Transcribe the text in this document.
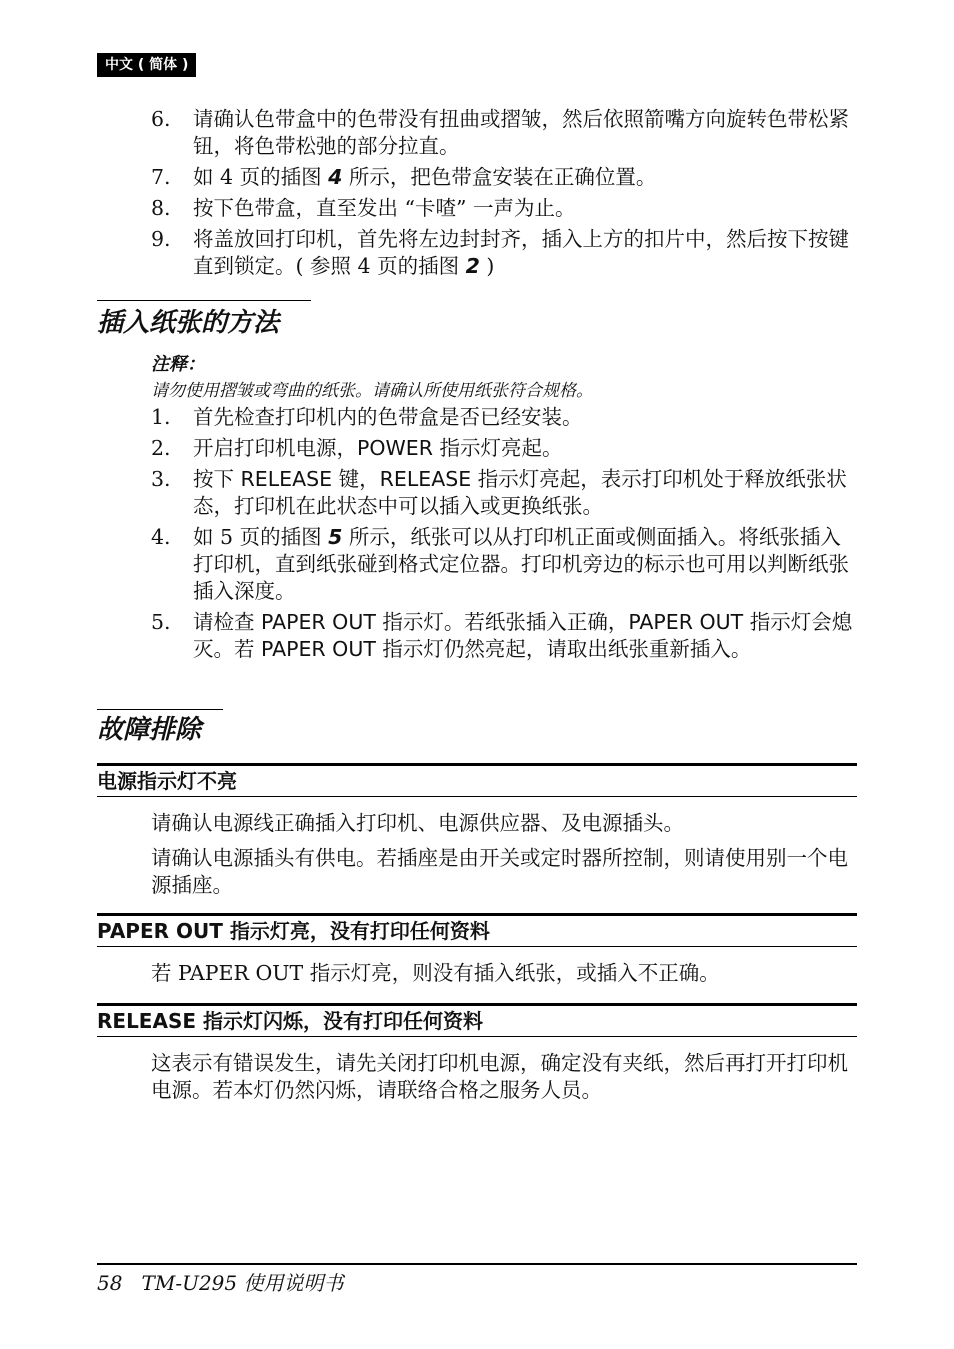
中文 ( 简体 )
6. 请确认色带盒中的色带没有扭曲或摺皱，然后依照箭嘴方向旋转色带松紧钮，将色带松弛的部分拉直。
7. 如 4 页的插图 4 所示，把色带盒安装在正确位置。
8. 按下色带盒，直至发出 “卡喳” 一声为止。
9. 将盖放回打印机，首先将左边封封齐，插入上方的扣片中，然后按下按键直到锁定。( 参照 4 页的插图 2 )
插入纸张的方法
注释：
请勿使用摺皱或弯曲的纸张。请确认所使用纸张符合规格。
1. 首先检查打印机内的色带盒是否已经安装。
2. 开启打印机电源，POWER 指示灯亮起。
3. 按下 RELEASE 键，RELEASE 指示灯亮起，表示打印机处于释放纸张状态，打印机在此状态中可以插入或更换纸张。
4. 如 5 页的插图 5 所示，纸张可以从打印机正面或侧面插入。将纸张插入打印机，直到纸张碰到格式定位器。打印机旁边的标示也可用以判断纸张插入深度。
5. 请检查 PAPER OUT 指示灯。若纸张插入正确，PAPER OUT 指示灯会熄灭。若 PAPER OUT 指示灯仍然亮起，请取出纸张重新插入。
故障排除
电源指示灯不亮

请确认电源线正确插入打印机、电源供应器、及电源插头。

请确认电源插头有供电。若插座是由开关或定时器所控制，则请使用别一个电源插座。

PAPER OUT 指示灯亮，没有打印任何资料

若 PAPER OUT 指示灯亮，则没有插入纸张，或插入不正确。

RELEASE 指示灯闪烁，没有打印任何资料

这表示有错误发生，请先关闭打印机电源，确定没有夹纸，然后再打开打印机电源。若本灯仍然闪烁，请联络合格之服务人员。

58   TM-U295 使用说明书
